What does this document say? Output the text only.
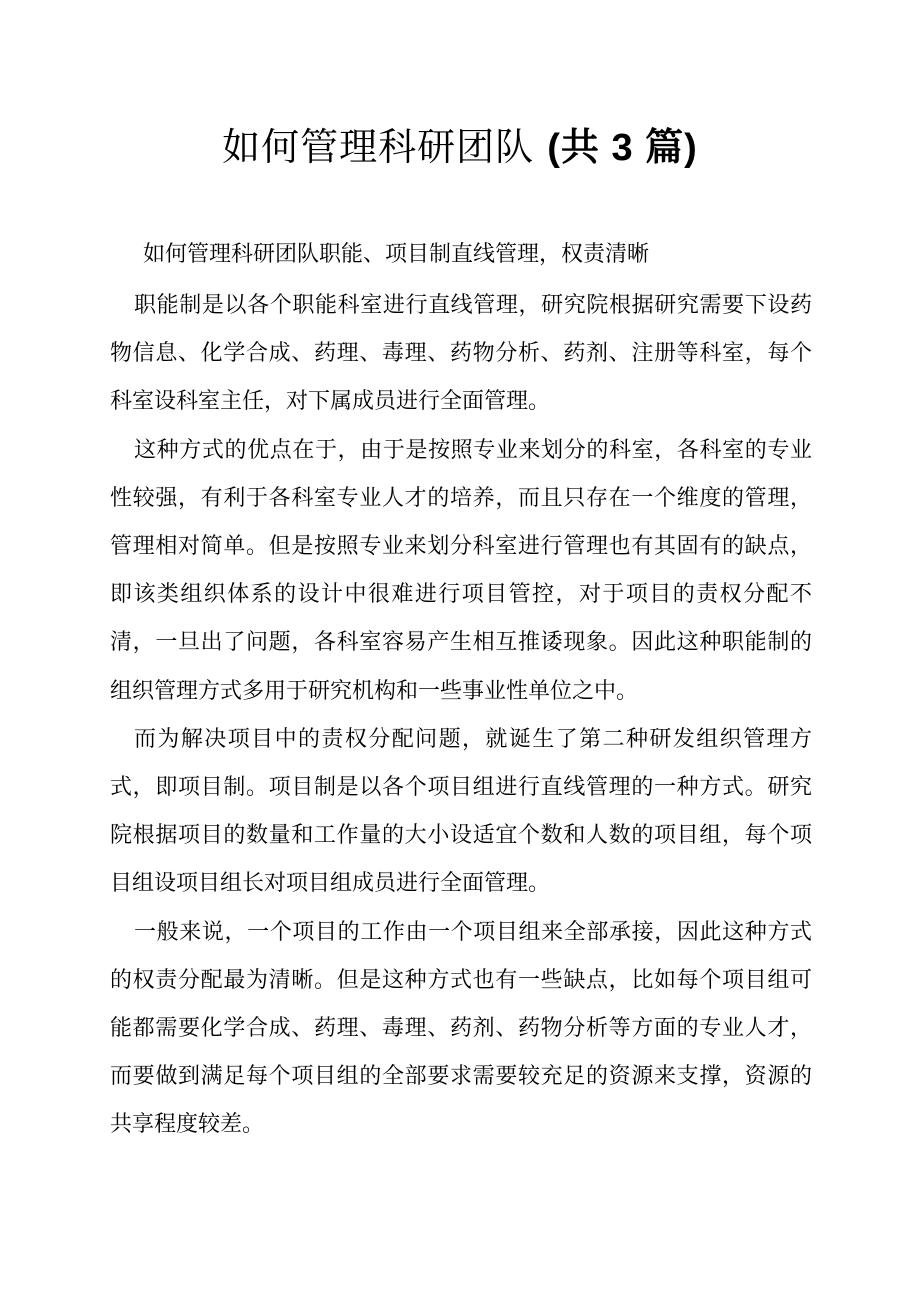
如何管理科研团队 (共 3 篇)

如何管理科研团队职能、项目制直线管理，权责清晰

职能制是以各个职能科室进行直线管理，研究院根据研究需要下设药物信息、化学合成、药理、毒理、药物分析、药剂、注册等科室，每个科室设科室主任，对下属成员进行全面管理。

这种方式的优点在于，由于是按照专业来划分的科室，各科室的专业性较强，有利于各科室专业人才的培养，而且只存在一个维度的管理，管理相对简单。但是按照专业来划分科室进行管理也有其固有的缺点，即该类组织体系的设计中很难进行项目管控，对于项目的责权分配不清，一旦出了问题，各科室容易产生相互推诿现象。因此这种职能制的组织管理方式多用于研究机构和一些事业性单位之中。

而为解决项目中的责权分配问题，就诞生了第二种研发组织管理方式，即项目制。项目制是以各个项目组进行直线管理的一种方式。研究院根据项目的数量和工作量的大小设适宜个数和人数的项目组，每个项目组设项目组长对项目组成员进行全面管理。

一般来说，一个项目的工作由一个项目组来全部承接，因此这种方式的权责分配最为清晰。但是这种方式也有一些缺点，比如每个项目组可能都需要化学合成、药理、毒理、药剂、药物分析等方面的专业人才，而要做到满足每个项目组的全部要求需要较充足的资源来支撑，资源的共享程度较差。
